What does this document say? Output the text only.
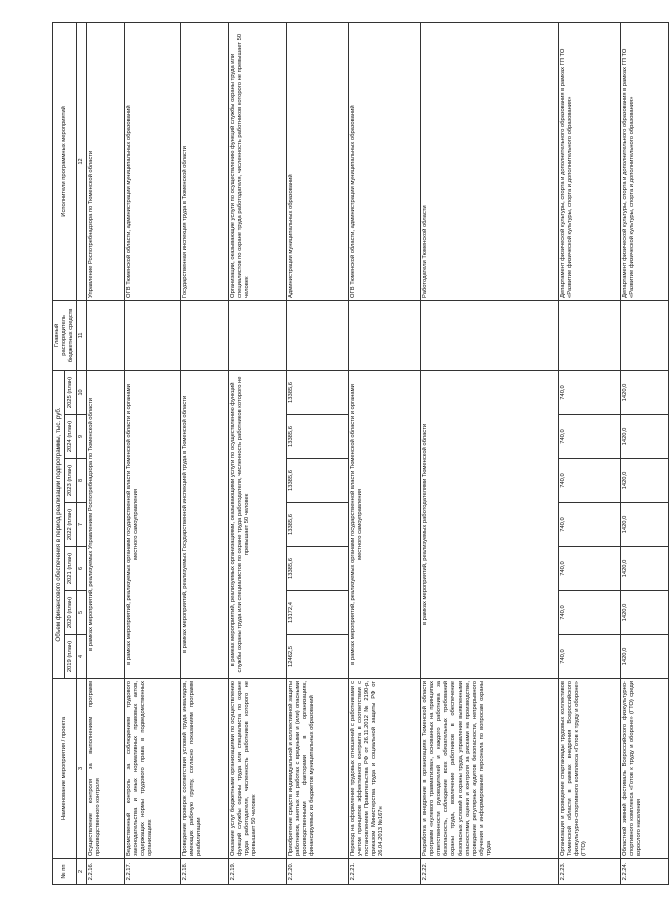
№ пп	Наименование мероприятия / проекта	Объем финансового обеспечения в период реализации подпрограммы, тыс. руб.							Главный распорядитель бюджетных средств	Исполнители программных мероприятий
		2019 (план)	2020 (план)	2021 (план)	2022 (план)	2023 (план)	2024 (план)	2025 (план)		
2	3	4	5	6	7	8	9	10	11	12
2.2.16.	Осуществление контроля за выполнением программ производственного контроля	в рамках мероприятий, реализуемых Управлением Роспотребнадзора по Тюменской области								Управление Роспотребнадзора по Тюменской области
2.2.17.	Ведомственный контроль за соблюдением трудового законодательства и иных нормативных правовых актов, содержащих нормы трудового права в подведомственных организациях	в рамках мероприятий, реализуемых органами государственной власти Тюменской области и органами местного самоуправления								ОГВ Тюменской области, администрации муниципальных образований
2.2.18.	Проведение проверок соответствия условий труда инвалидов, имеющих рабочую группу, согласно показаниям программ реабилитации	в рамках мероприятий, реализуемых Государственной инспекцией труда в Тюменской области								Государственная инспекция труда в Тюменской области
2.2.19.	Оказание услуг бюджетными организациями по осуществлению функций службы охраны труда или специалиста по охране труда работодателя, численность работников которого не превышает 50 человек	в рамках мероприятий, реализуемых организациями, оказывающими услуги по осуществлению функций службы охраны труда или специалистов по охране труда работодателя, численность работников которого не превышает 50 человек								Организации, оказывающие услуги по осуществлению функций службы охраны труда или специалистов по охране труда работодателя, численность работников которого не превышает 50 человек
2.2.20.	Приобретение средств индивидуальной и коллективной защиты работников, занятых на работах с вредными и (или) опасными производственными факторами в организациях, финансируемых из бюджетов муниципальных образований	12462,5	13172,4	13385,6	13385,6	13385,6	13385,6	13385,6		Администрации муниципальных образований
2.2.21.	Переход на оформление трудовых отношений с работниками с учетом принципов эффективного контракта в соответствии с постановлением Правительства РФ от 26.11.2012 № 2190-р, приказом Министерства труда и социальной защиты РФ от 26.04.2013 №167н	в рамках мероприятий, реализуемых органами государственной власти Тюменской области и органами местного самоуправления								ОГВ Тюменской области, администрации муниципальных образований
2.2.22.	Разработка и внедрение в организациях Тюменской области программ «нулевого травматизма», основанных на принципах ответственности руководителей и каждого работника за безопасность, соблюдение всех обязательных требований охраны труда, вовлечение работников в обеспечение безопасных условий и охраны труда, управление выявленными опасностями, оценки и контроля за рисками на производстве, проведение регулярных аудитов безопасности, непрерывного обучения и информирования персонала по вопросам охраны труда	в рамках мероприятий, реализуемых работодателями Тюменской области								Работодатели Тюменской области
2.2.23.	Организация и проведение спартакиады трудовых коллективов Тюменской области в рамках внедрения Всероссийского физкультурно-спортивного комплекса «Готов к труду и обороне» (ГТО)	740,0	740,0	740,0	740,0	740,0	740,0	740,0		Департамент физической культуры, спорта и дополнительного образования в рамках ГП ТО «Развитие физической культуры, спорта и дополнительного образования»
2.2.24.	Областной зимний фестиваль Всероссийского физкультурно-спортивного комплекса «Готов к труду и обороне» (ГТО) среди взрослого населения	1420,0	1420,0	1420,0	1420,0	1420,0	1420,0	1420,0		Департамент физической культуры, спорта и дополнительного образования в рамках ГП ТО «Развитие физической культуры, спорта и дополнительного образования»
